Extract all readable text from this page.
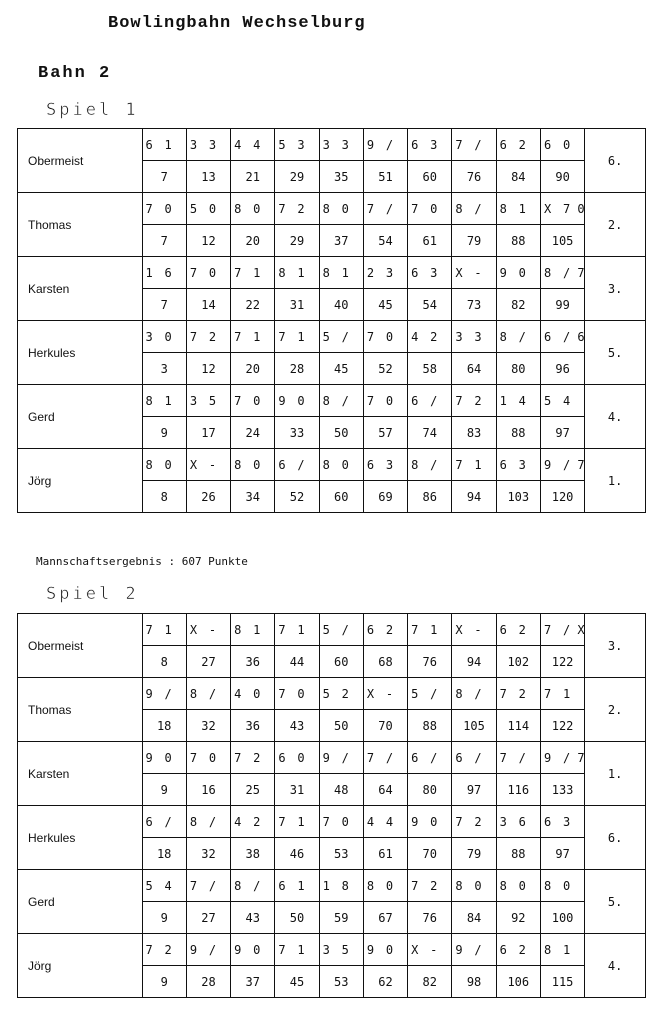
Bowlingbahn Wechselburg
Bahn 2
Spiel 1
Obermeist	6 1	3 3	4 4	5 3	3 3	9 /	6 3	7 /	6 2	6 0	6.
	7	13	21	29	35	51	60	76	84	90	
Thomas	7 0	5 0	8 0	7 2	8 0	7 /	7 0	8 /	8 1	X 7 0	2.
	7	12	20	29	37	54	61	79	88	105	
Karsten	1 6	7 0	7 1	8 1	8 1	2 3	6 3	X -	9 0	8 / 7	3.
	7	14	22	31	40	45	54	73	82	99	
Herkules	3 0	7 2	7 1	7 1	5 /	7 0	4 2	3 3	8 /	6 / 6	5.
	3	12	20	28	45	52	58	64	80	96	
Gerd	8 1	3 5	7 0	9 0	8 /	7 0	6 /	7 2	1 4	5 4	4.
	9	17	24	33	50	57	74	83	88	97	
Jörg	8 0	X -	8 0	6 /	8 0	6 3	8 /	7 1	6 3	9 / 7	1.
	8	26	34	52	60	69	86	94	103	120	
Mannschaftsergebnis : 607 Punkte
Spiel 2
Obermeist	7 1	X -	8 1	7 1	5 /	6 2	7 1	X -	6 2	7 / X	3.
	8	27	36	44	60	68	76	94	102	122	
Thomas	9 /	8 /	4 0	7 0	5 2	X -	5 /	8 /	7 2	7 1	2.
	18	32	36	43	50	70	88	105	114	122	
Karsten	9 0	7 0	7 2	6 0	9 /	7 /	6 /	6 /	7 /	9 / 7	1.
	9	16	25	31	48	64	80	97	116	133	
Herkules	6 /	8 /	4 2	7 1	7 0	4 4	9 0	7 2	3 6	6 3	6.
	18	32	38	46	53	61	70	79	88	97	
Gerd	5 4	7 /	8 /	6 1	1 8	8 0	7 2	8 0	8 0	8 0	5.
	9	27	43	50	59	67	76	84	92	100	
Jörg	7 2	9 /	9 0	7 1	3 5	9 0	X -	9 /	6 2	8 1	4.
	9	28	37	45	53	62	82	98	106	115	
